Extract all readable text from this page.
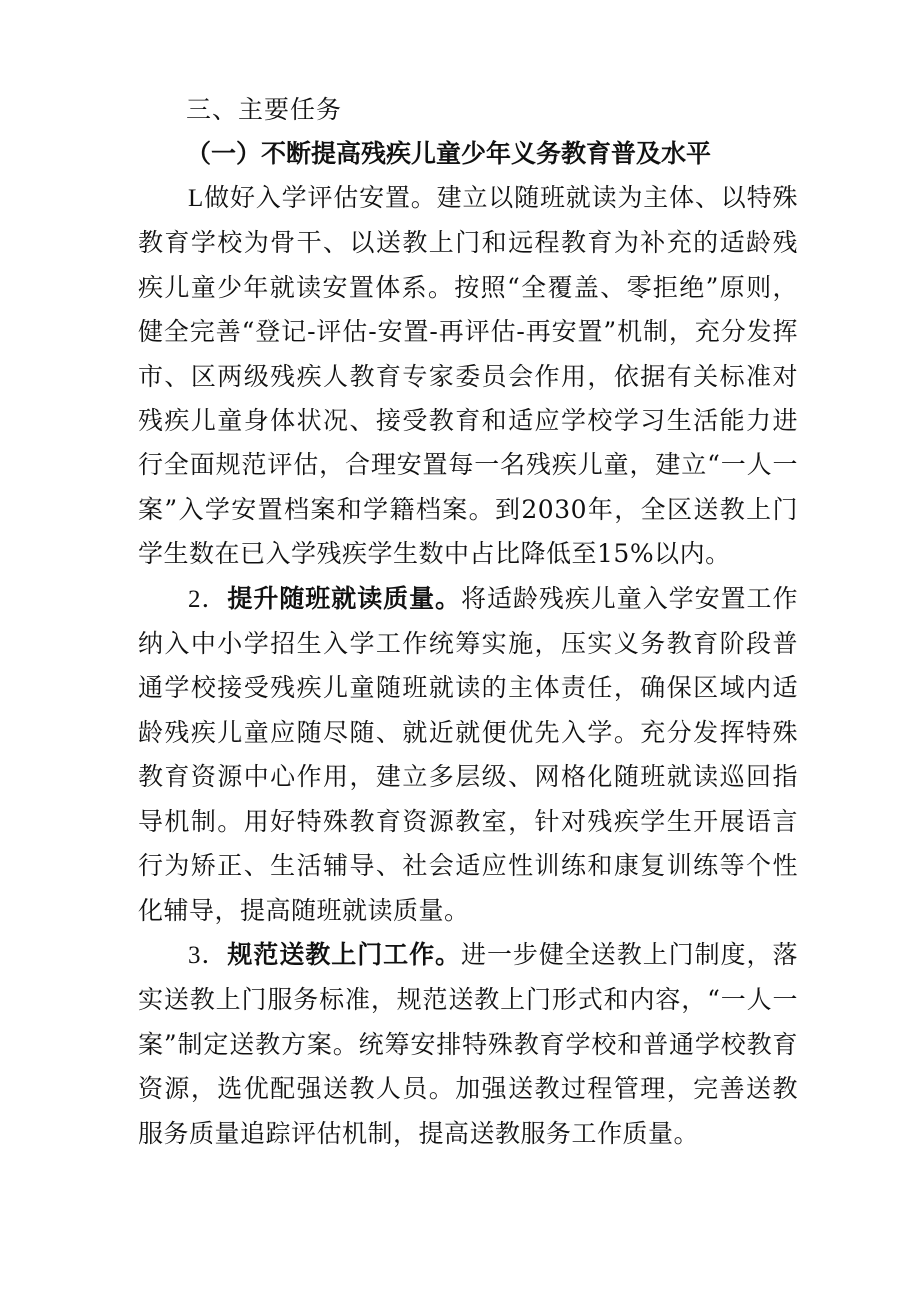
三、主要任务

（一）不断提高残疾儿童少年义务教育普及水平

L做好入学评估安置。建立以随班就读为主体、以特殊教育学校为骨干、以送教上门和远程教育为补充的适龄残疾儿童少年就读安置体系。按照“全覆盖、零拒绝”原则，健全完善“登记-评估-安置-再评估-再安置”机制，充分发挥市、区两级残疾人教育专家委员会作用，依据有关标准对残疾儿童身体状况、接受教育和适应学校学习生活能力进行全面规范评估，合理安置每一名残疾儿童，建立“一人一案”入学安置档案和学籍档案。到2030年，全区送教上门学生数在已入学残疾学生数中占比降低至15%以内。

2．提升随班就读质量。将适龄残疾儿童入学安置工作纳入中小学招生入学工作统筹实施，压实义务教育阶段普通学校接受残疾儿童随班就读的主体责任，确保区域内适龄残疾儿童应随尽随、就近就便优先入学。充分发挥特殊教育资源中心作用，建立多层级、网格化随班就读巡回指导机制。用好特殊教育资源教室，针对残疾学生开展语言行为矫正、生活辅导、社会适应性训练和康复训练等个性化辅导，提高随班就读质量。

3．规范送教上门工作。进一步健全送教上门制度，落实送教上门服务标准，规范送教上门形式和内容，“一人一案”制定送教方案。统筹安排特殊教育学校和普通学校教育资源，选优配强送教人员。加强送教过程管理，完善送教服务质量追踪评估机制，提高送教服务工作质量。
